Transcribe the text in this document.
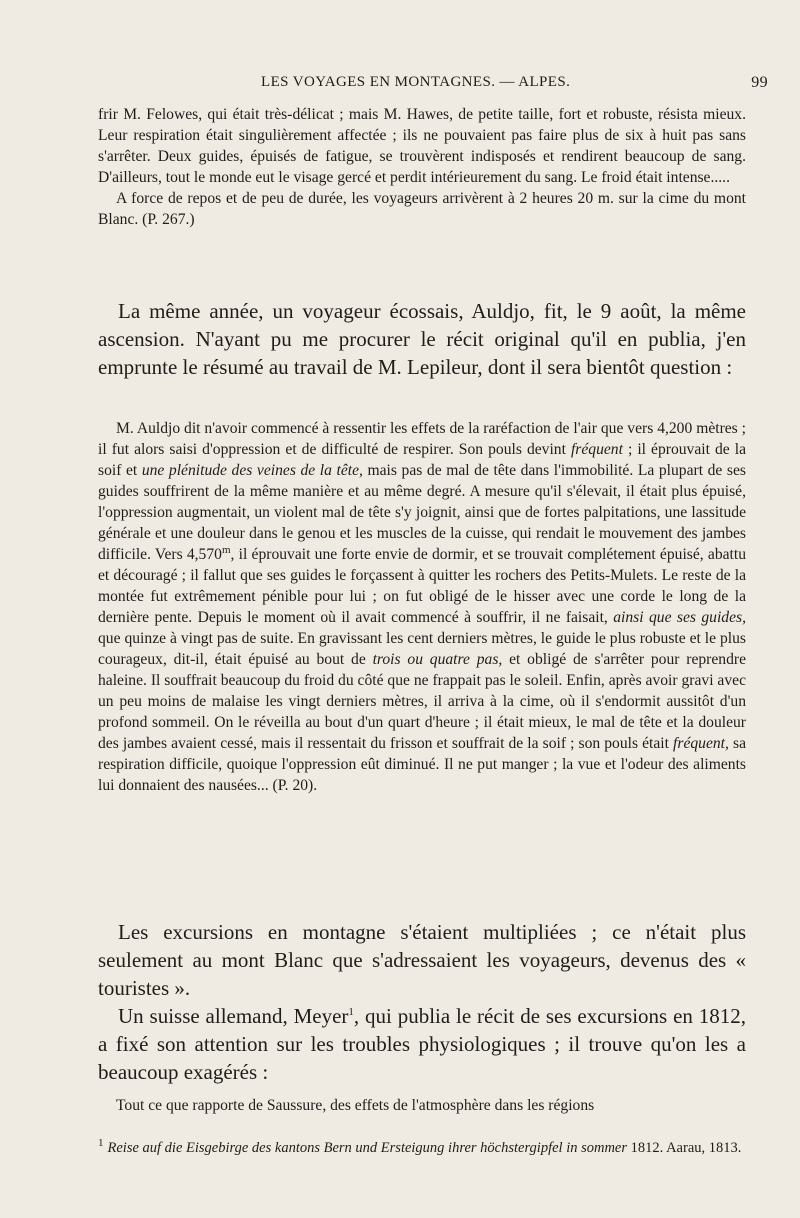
LES VOYAGES EN MONTAGNES. — ALPES.	99

frir M. Felowes, qui était très-délicat ; mais M. Hawes, de petite taille, fort et robuste, résista mieux. Leur respiration était singulièrement affectée ; ils ne pouvaient pas faire plus de six à huit pas sans s'arrêter. Deux guides, épuisés de fatigue, se trouvèrent indisposés et rendirent beaucoup de sang. D'ailleurs, tout le monde eut le visage gercé et perdit intérieurement du sang. Le froid était intense.....

A force de repos et de peu de durée, les voyageurs arrivèrent à 2 heures 20 m. sur la cime du mont Blanc. (P. 267.)

La même année, un voyageur écossais, Auldjo, fit, le 9 août, la même ascension. N'ayant pu me procurer le récit original qu'il en publia, j'en emprunte le résumé au travail de M. Lepileur, dont il sera bientôt question :

M. Auldjo dit n'avoir commencé à ressentir les effets de la raréfaction de l'air que vers 4,200 mètres ; il fut alors saisi d'oppression et de difficulté de respirer. Son pouls devint fréquent ; il éprouvait de la soif et une plénitude des veines de la tête, mais pas de mal de tête dans l'immobilité. La plupart de ses guides souffrirent de la même manière et au même degré. A mesure qu'il s'élevait, il était plus épuisé, l'oppression augmentait, un violent mal de tête s'y joignit, ainsi que de fortes palpitations, une lassitude générale et une douleur dans le genou et les muscles de la cuisse, qui rendait le mouvement des jambes difficile. Vers 4,570$^m$, il éprouvait une forte envie de dormir, et se trouvait complétement épuisé, abattu et découragé ; il fallut que ses guides le forçassent à quitter les rochers des Petits-Mulets. Le reste de la montée fut extrêmement pénible pour lui ; on fut obligé de le hisser avec une corde le long de la dernière pente. Depuis le moment où il avait commencé à souffrir, il ne faisait, ainsi que ses guides, que quinze à vingt pas de suite. En gravissant les cent derniers mètres, le guide le plus robuste et le plus courageux, dit-il, était épuisé au bout de trois ou quatre pas, et obligé de s'arrêter pour reprendre haleine. Il souffrait beaucoup du froid du côté que ne frappait pas le soleil. Enfin, après avoir gravi avec un peu moins de malaise les vingt derniers mètres, il arriva à la cime, où il s'endormit aussitôt d'un profond sommeil. On le réveilla au bout d'un quart d'heure ; il était mieux, le mal de tête et la douleur des jambes avaient cessé, mais il ressentait du frisson et souffrait de la soif ; son pouls était fréquent, sa respiration difficile, quoique l'oppression eût diminué. Il ne put manger ; la vue et l'odeur des aliments lui donnaient des nausées... (P. 20).

Les excursions en montagne s'étaient multipliées ; ce n'était plus seulement au mont Blanc que s'adressaient les voyageurs, devenus des « touristes ».

Un suisse allemand, Meyer$^1$, qui publia le récit de ses excursions en 1812, a fixé son attention sur les troubles physiologiques ; il trouve qu'on les a beaucoup exagérés :

Tout ce que rapporte de Saussure, des effets de l'atmosphère dans les régions

$^1$ Reise auf die Eisgebirge des kantons Bern und Ersteigung ihrer höchstergipfel in sommer 1812. Aarau, 1813.
